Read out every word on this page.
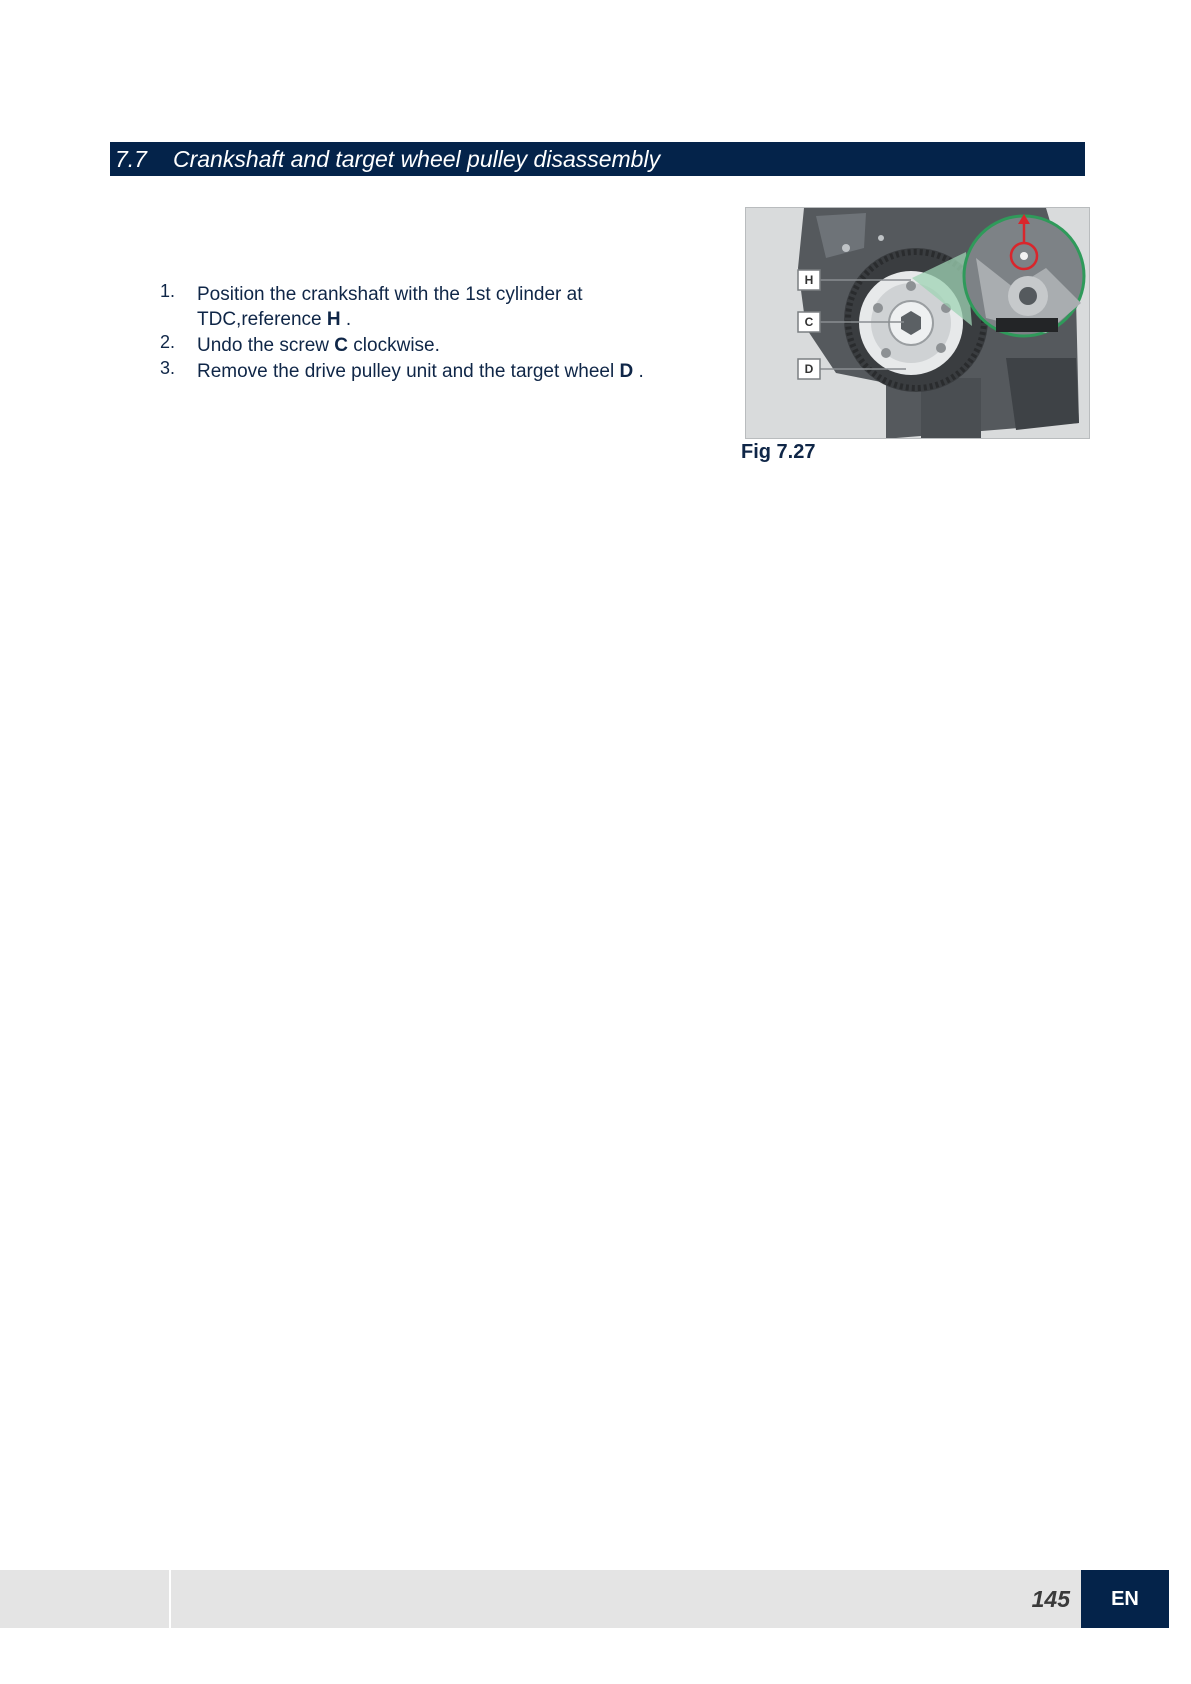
7.7 Crankshaft and target wheel pulley disassembly
1. Position the crankshaft with the 1st cylinder at TDC,reference H .
2. Undo the screw C clockwise.
3. Remove the drive pulley unit and the target wheel D .
H
C
D
Fig 7.27
145	EN
